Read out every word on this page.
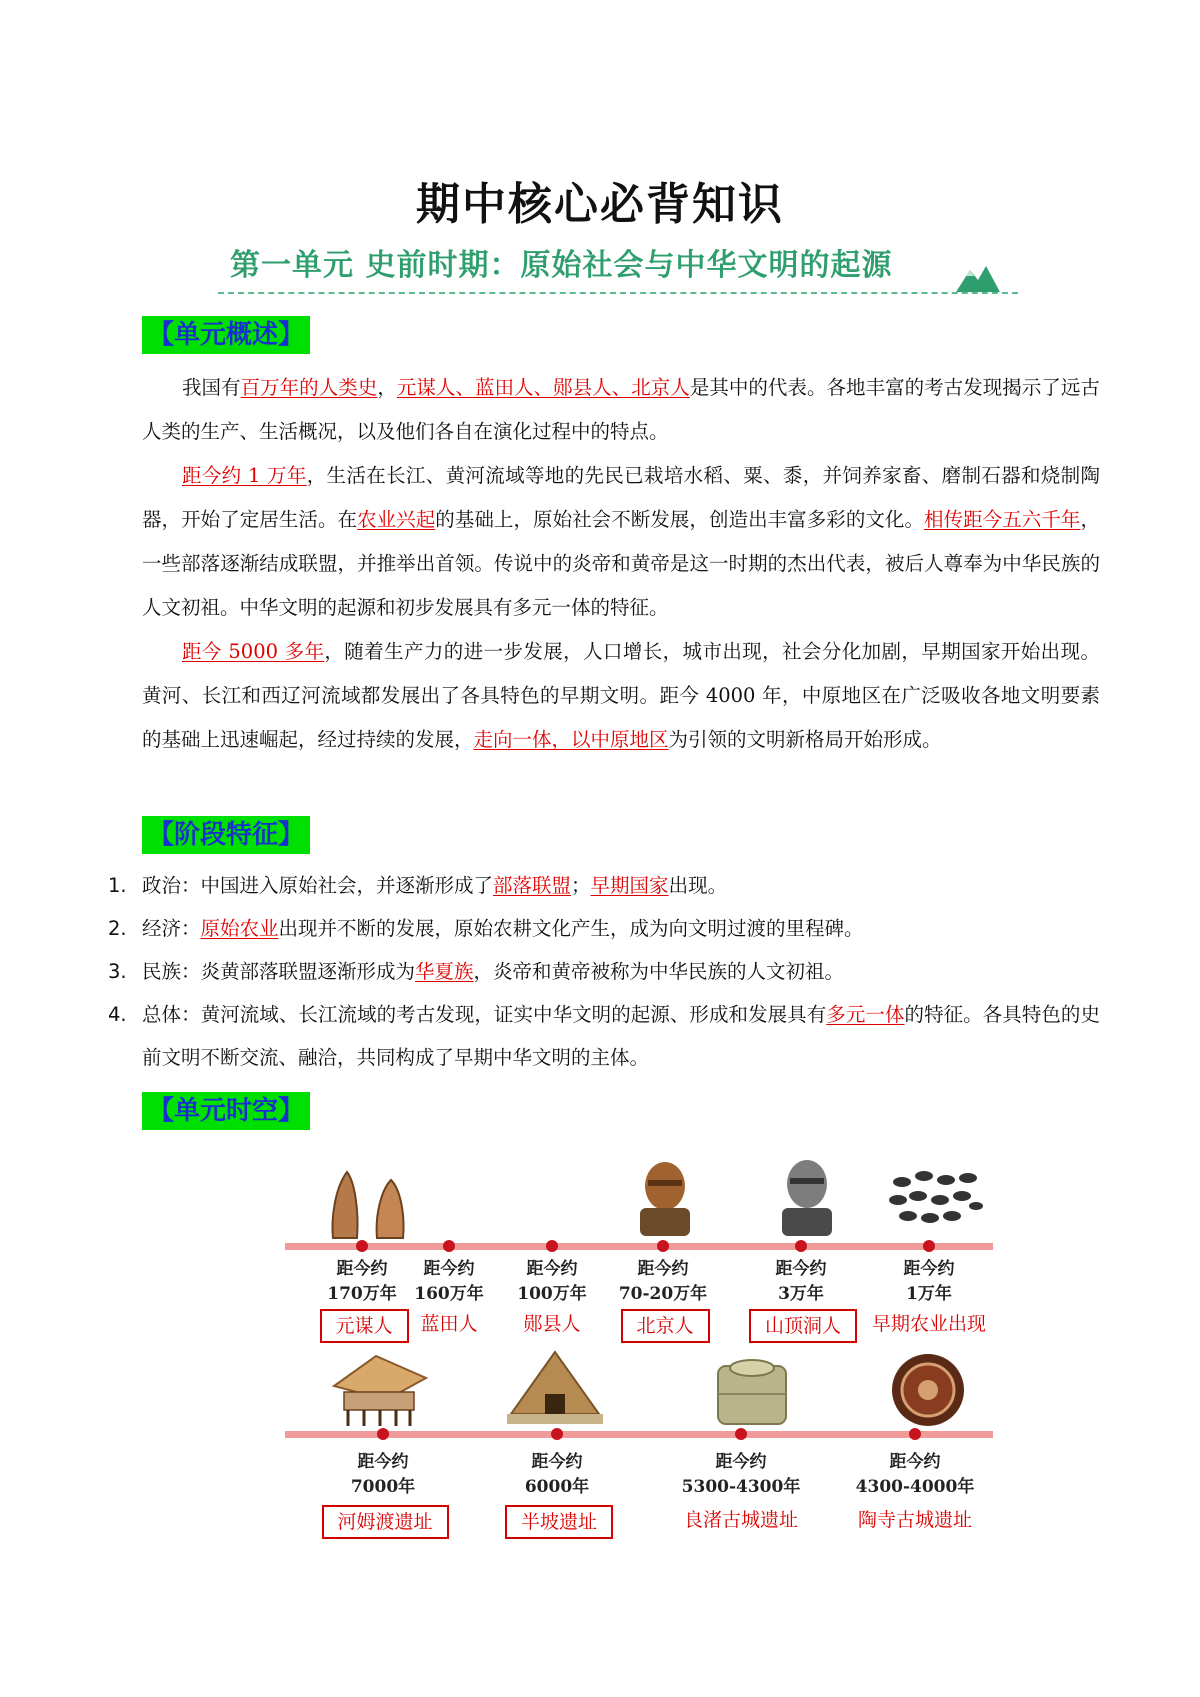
期中核心必背知识
第一单元 史前时期：原始社会与中华文明的起源
【单元概述】

我国有百万年的人类史，元谋人、蓝田人、郧县人、北京人是其中的代表。各地丰富的考古发现揭示了远古人类的生产、生活概况，以及他们各自在演化过程中的特点。

距今约 1 万年，生活在长江、黄河流域等地的先民已栽培水稻、粟、黍，并饲养家畜、磨制石器和烧制陶器，开始了定居生活。在农业兴起的基础上，原始社会不断发展，创造出丰富多彩的文化。相传距今五六千年，一些部落逐渐结成联盟，并推举出首领。传说中的炎帝和黄帝是这一时期的杰出代表，被后人尊奉为中华民族的人文初祖。中华文明的起源和初步发展具有多元一体的特征。

距今 5000 多年，随着生产力的进一步发展，人口增长，城市出现，社会分化加剧，早期国家开始出现。黄河、长江和西辽河流域都发展出了各具特色的早期文明。距今 4000 年，中原地区在广泛吸收各地文明要素的基础上迅速崛起，经过持续的发展，走向一体，以中原地区为引领的文明新格局开始形成。

【阶段特征】
1. 政治：中国进入原始社会，并逐渐形成了部落联盟；早期国家出现。
2. 经济：原始农业出现并不断的发展，原始农耕文化产生，成为向文明过渡的里程碑。
3. 民族：炎黄部落联盟逐渐形成为华夏族，炎帝和黄帝被称为中华民族的人文初祖。
4. 总体：黄河流域、长江流域的考古发现，证实中华文明的起源、形成和发展具有多元一体的特征。各具特色的史前文明不断交流、融洽，共同构成了早期中华文明的主体。
【单元时空】
距今约
170万年
元谋人
距今约
160万年
蓝田人
距今约
100万年
郧县人
距今约
70-20万年
北京人
距今约
3万年
山顶洞人
距今约
1万年
早期农业出现
距今约
7000年
河姆渡遗址
距今约
6000年
半坡遗址
距今约
5300-4300年
良渚古城遗址
距今约
4300-4000年
陶寺古城遗址
